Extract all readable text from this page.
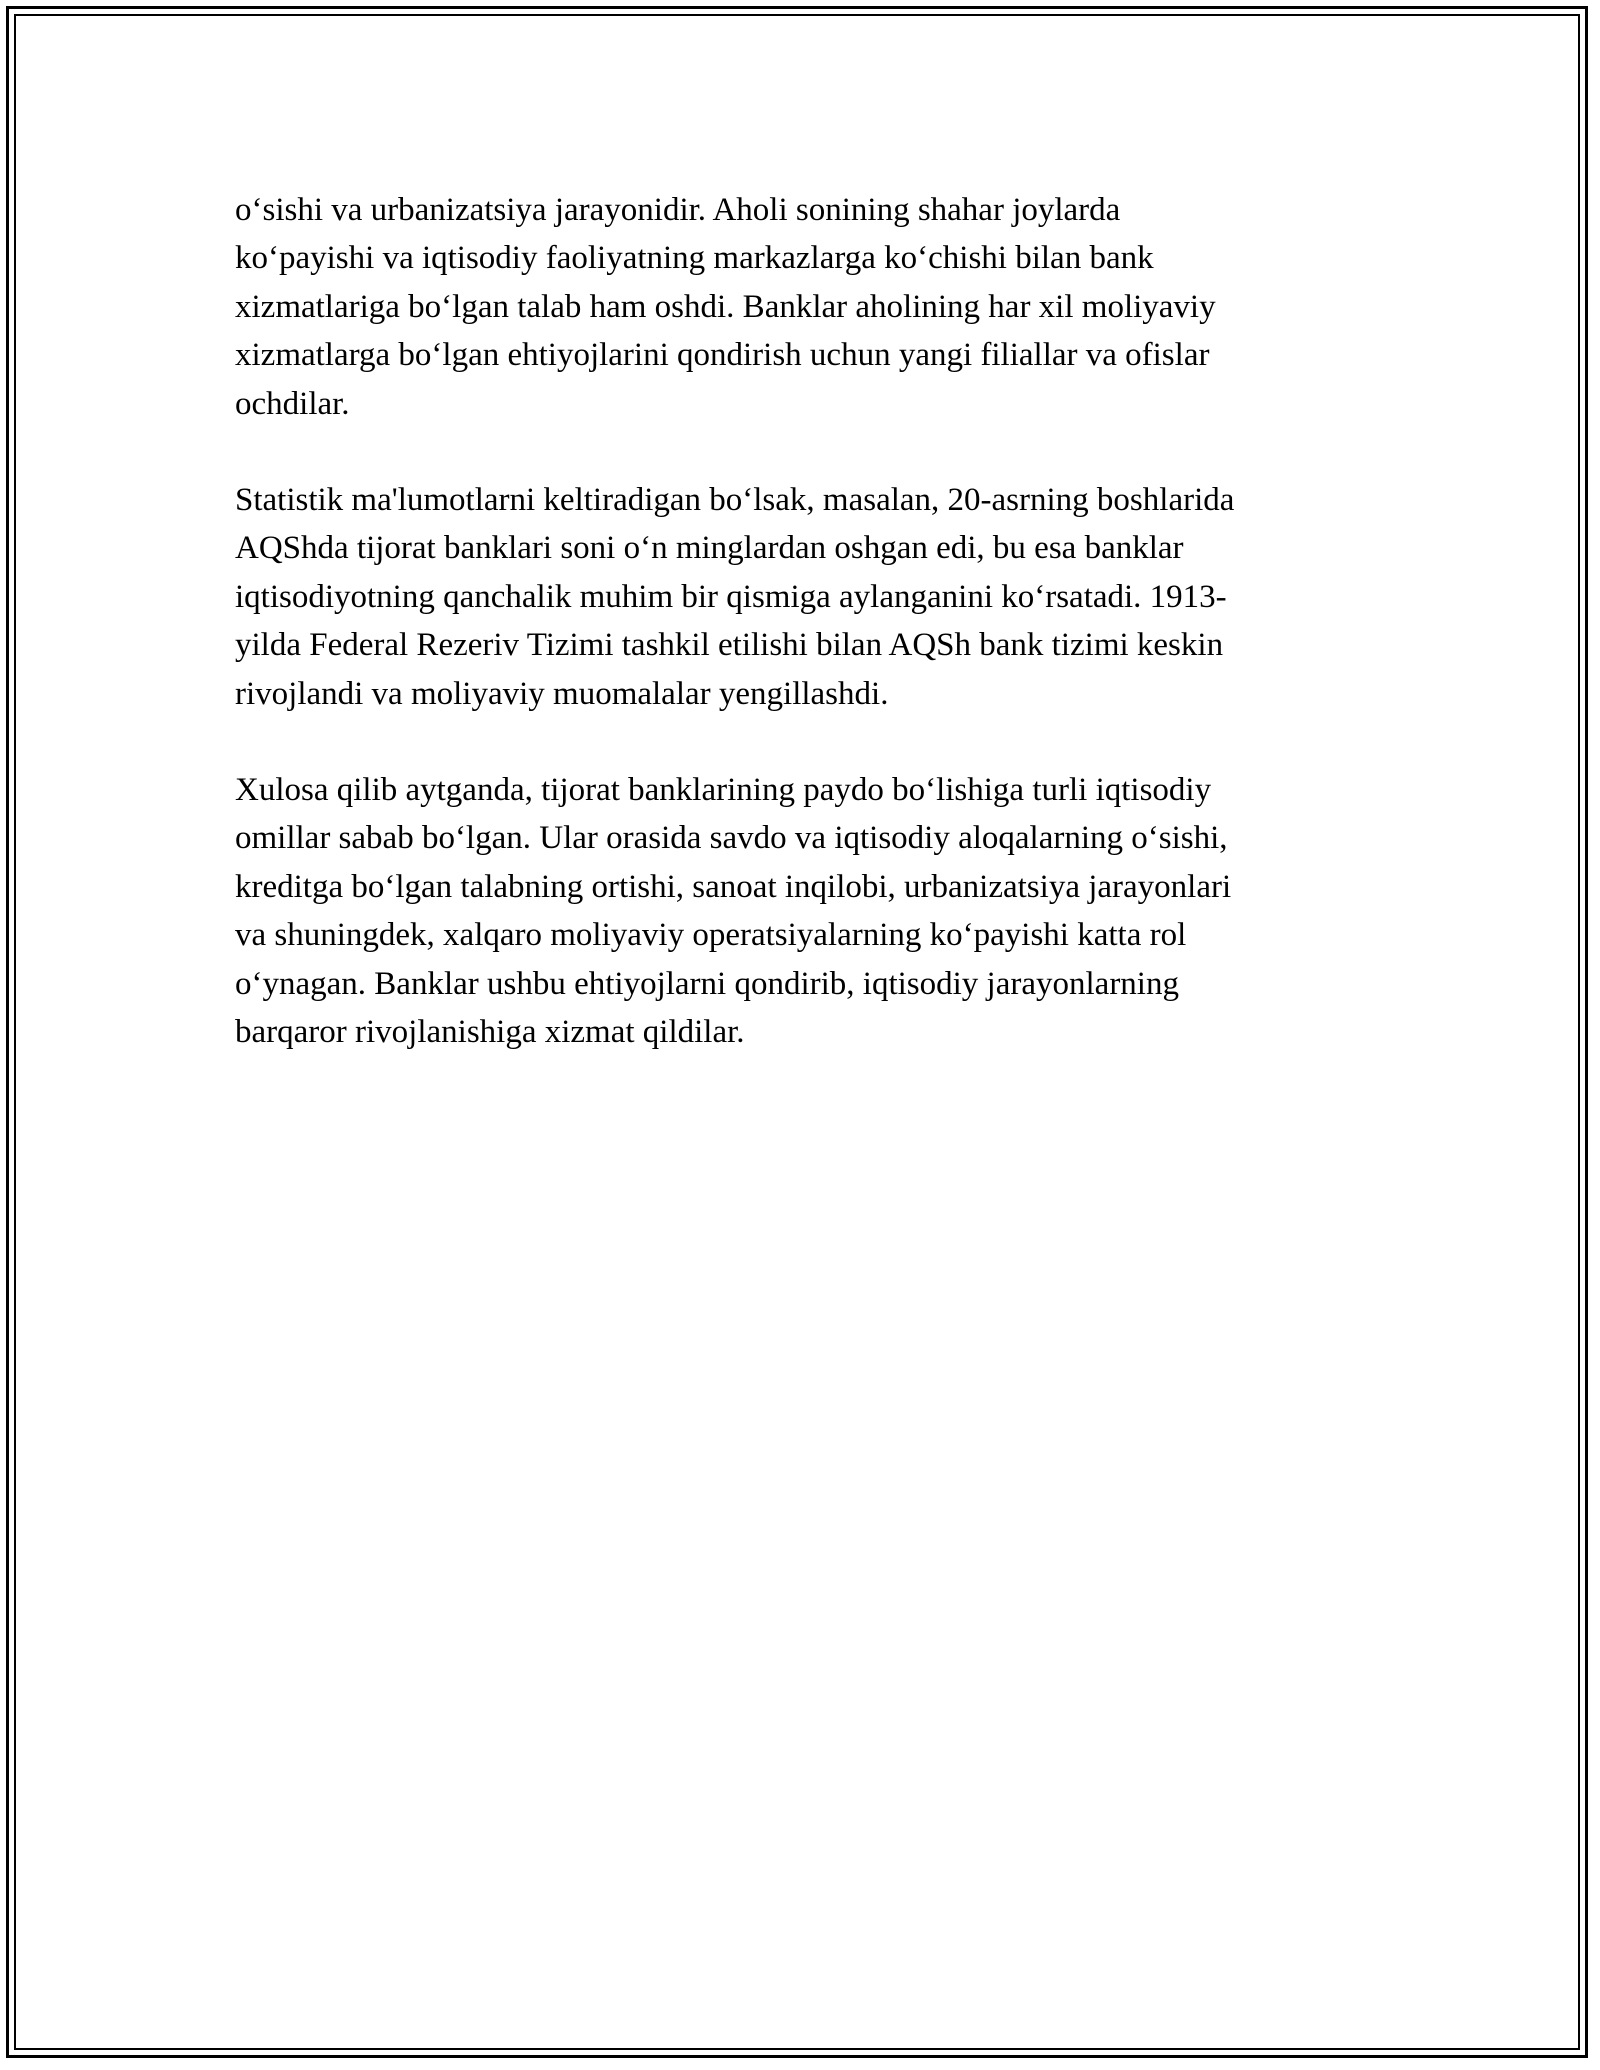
o‘sishi va urbanizatsiya jarayonidir. Aholi sonining shahar joylarda
ko‘payishi va iqtisodiy faoliyatning markazlarga ko‘chishi bilan bank
xizmatlariga bo‘lgan talab ham oshdi. Banklar aholining har xil moliyaviy
xizmatlarga bo‘lgan ehtiyojlarini qondirish uchun yangi filiallar va ofislar
ochdilar.

Statistik ma'lumotlarni keltiradigan bo‘lsak, masalan, 20-asrning boshlarida
AQShda tijorat banklari soni o‘n minglardan oshgan edi, bu esa banklar
iqtisodiyotning qanchalik muhim bir qismiga aylanganini ko‘rsatadi. 1913-
yilda Federal Rezeriv Tizimi tashkil etilishi bilan AQSh bank tizimi keskin
rivojlandi va moliyaviy muomalalar yengillashdi.

Xulosa qilib aytganda, tijorat banklarining paydo bo‘lishiga turli iqtisodiy
omillar sabab bo‘lgan. Ular orasida savdo va iqtisodiy aloqalarning o‘sishi,
kreditga bo‘lgan talabning ortishi, sanoat inqilobi, urbanizatsiya jarayonlari
va shuningdek, xalqaro moliyaviy operatsiyalarning ko‘payishi katta rol
o‘ynagan. Banklar ushbu ehtiyojlarni qondirib, iqtisodiy jarayonlarning
barqaror rivojlanishiga xizmat qildilar.
